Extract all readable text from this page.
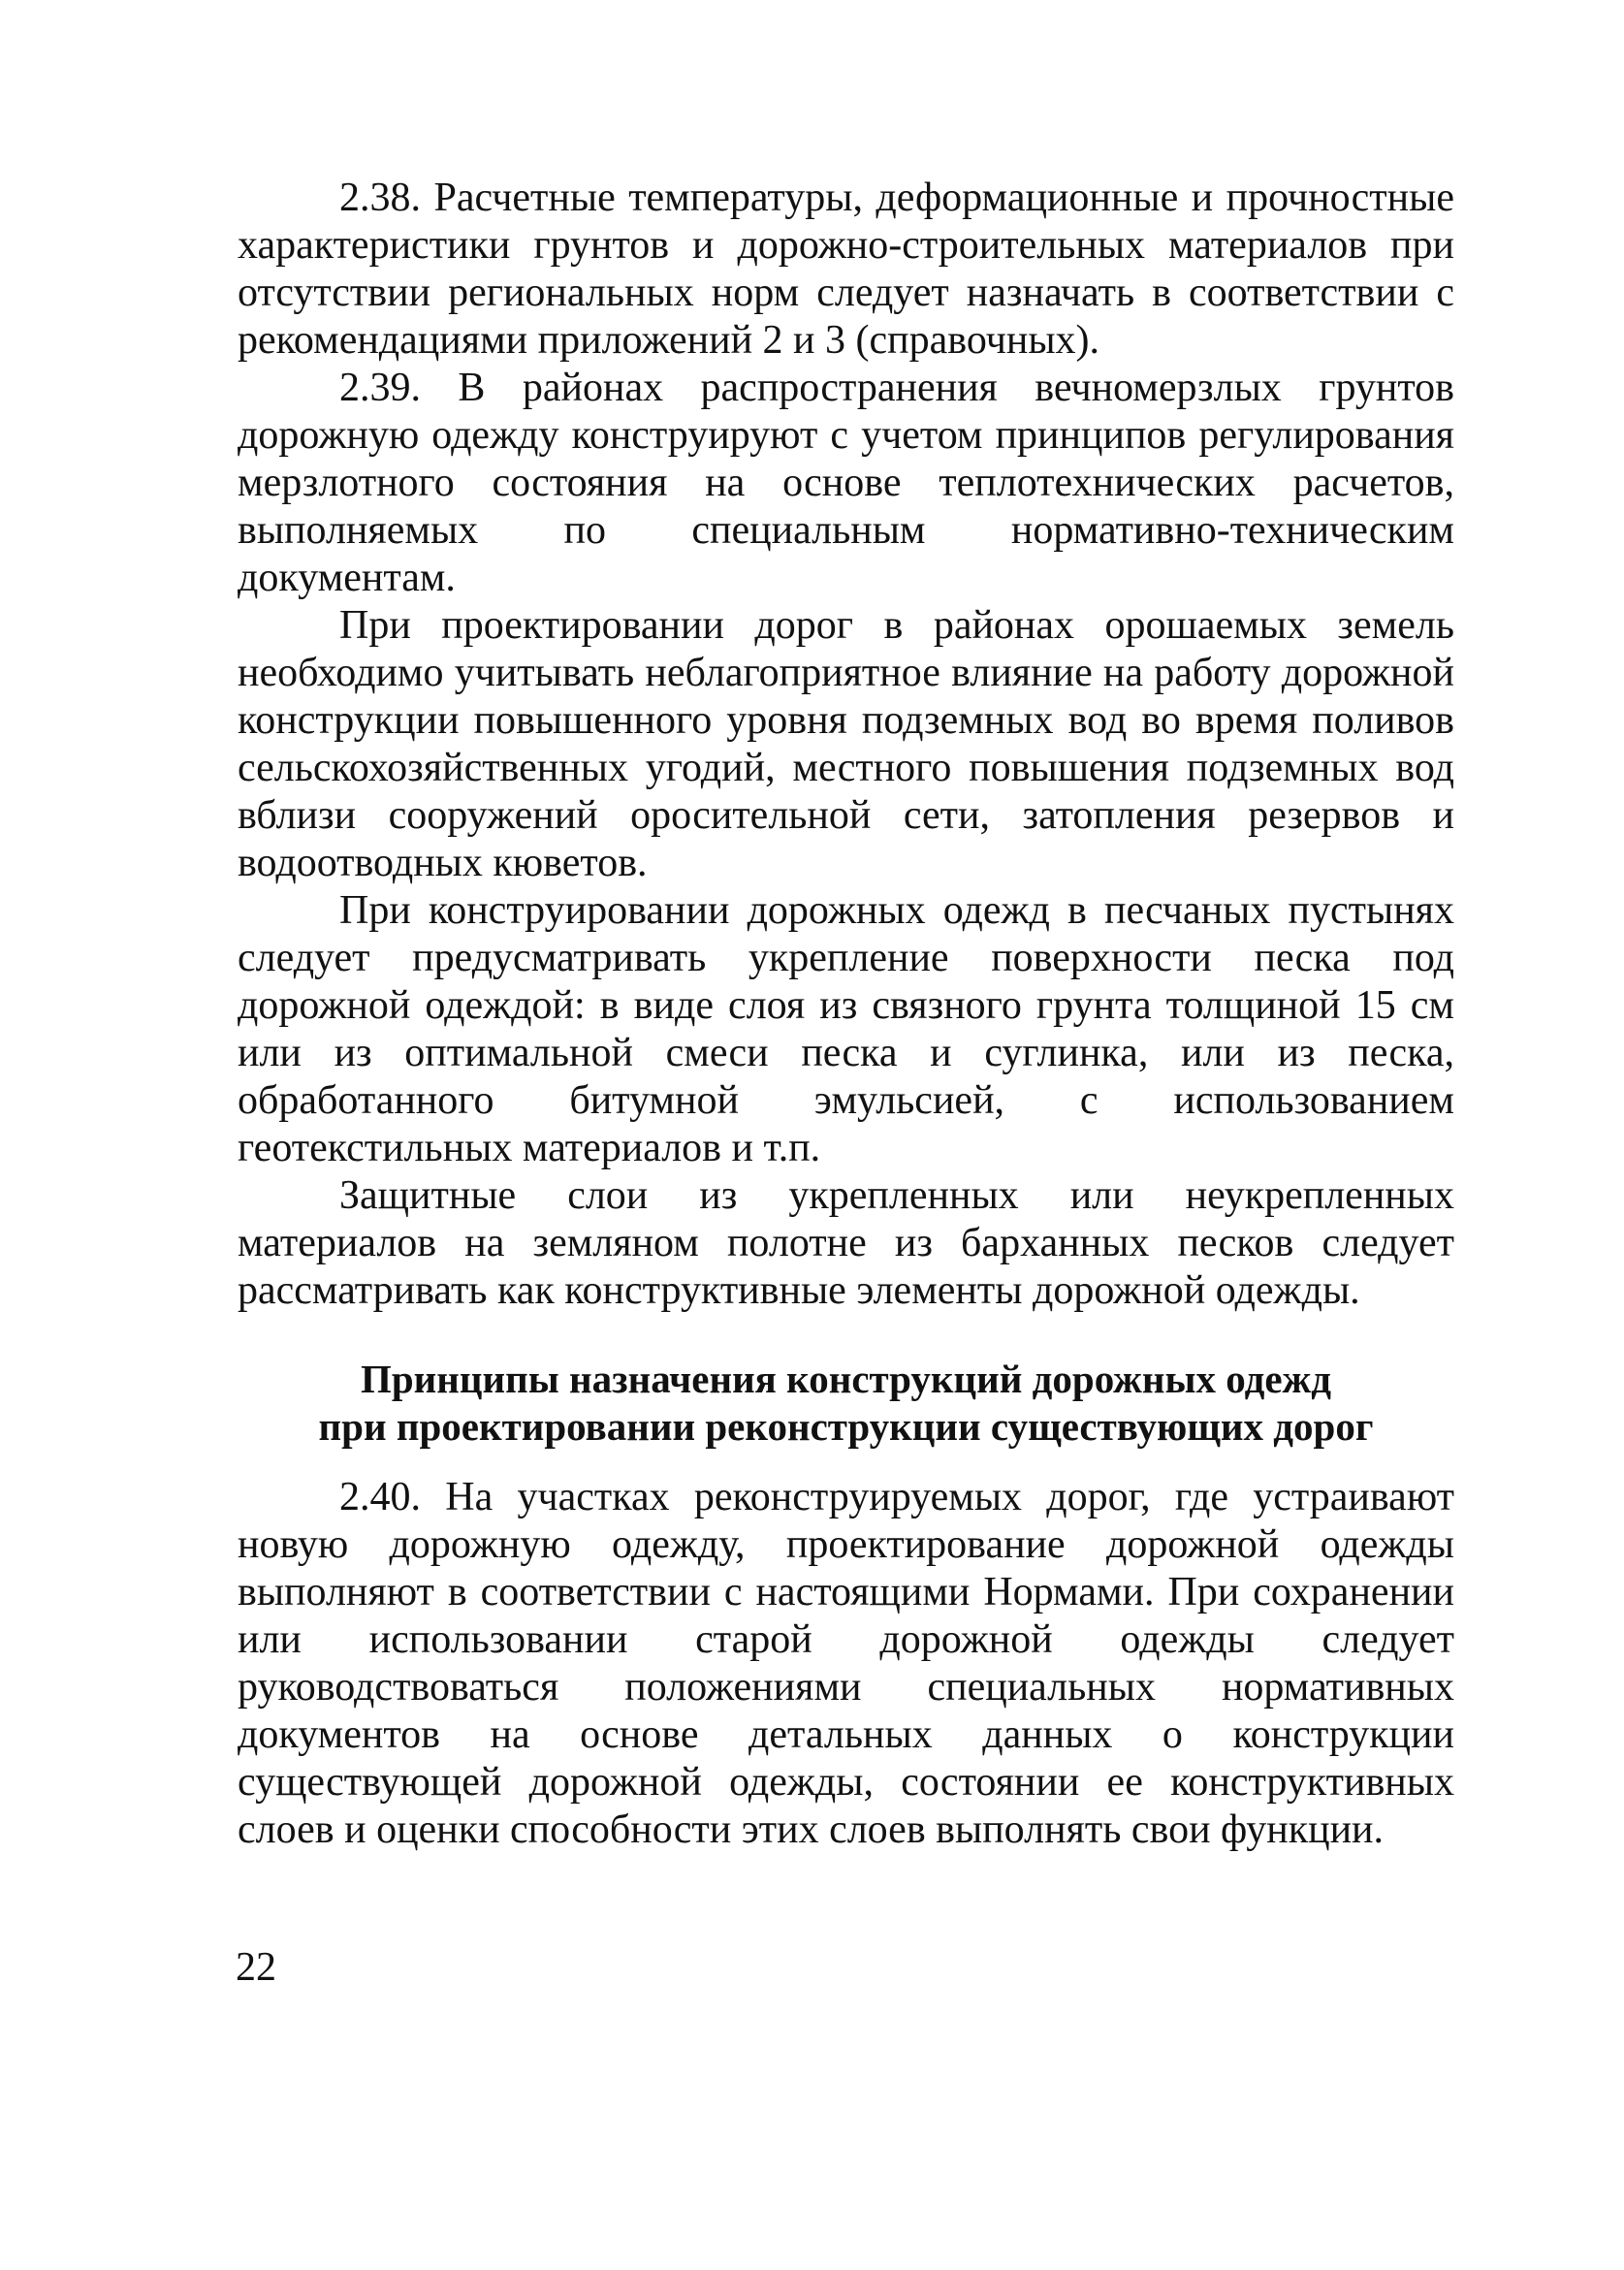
2.38. Расчетные температуры, деформационные и прочностные характеристики грунтов и дорожно-строительных материалов при отсутствии региональных норм следует назначать в соответствии с рекомендациями приложений 2 и 3 (справочных).

2.39. В районах распространения вечномерзлых грунтов дорожную одежду конструируют с учетом принципов регулирования мерзлотного состояния на основе теплотехнических расчетов, выполняемых по специальным нормативно-техническим документам.

При проектировании дорог в районах орошаемых земель необходимо учитывать неблагоприятное влияние на работу дорожной конструкции повышенного уровня подземных вод во время поливов сельскохозяйственных угодий, местного повышения подземных вод вблизи сооружений оросительной сети, затопления резервов и водоотводных кюветов.

При конструировании дорожных одежд в песчаных пустынях следует предусматривать укрепление поверхности песка под дорожной одеждой: в виде слоя из связного грунта толщиной 15 см или из оптимальной смеси песка и суглинка, или из песка, обработанного битумной эмульсией, с использованием геотекстильных материалов и т.п.

Защитные слои из укрепленных или неукрепленных материалов на земляном полотне из барханных песков следует рассматривать как конструктивные элементы дорожной одежды.

Принципы назначения конструкций дорожных одежд
при проектировании реконструкции существующих дорог

2.40. На участках реконструируемых дорог, где устраивают новую дорожную одежду, проектирование дорожной одежды выполняют в соответствии с настоящими Нормами. При сохранении или использовании старой дорожной одежды следует руководствоваться положениями специальных нормативных документов на основе детальных данных о конструкции существующей дорожной одежды, состоянии ее конструктивных слоев и оценки способности этих слоев выполнять свои функции.

22
